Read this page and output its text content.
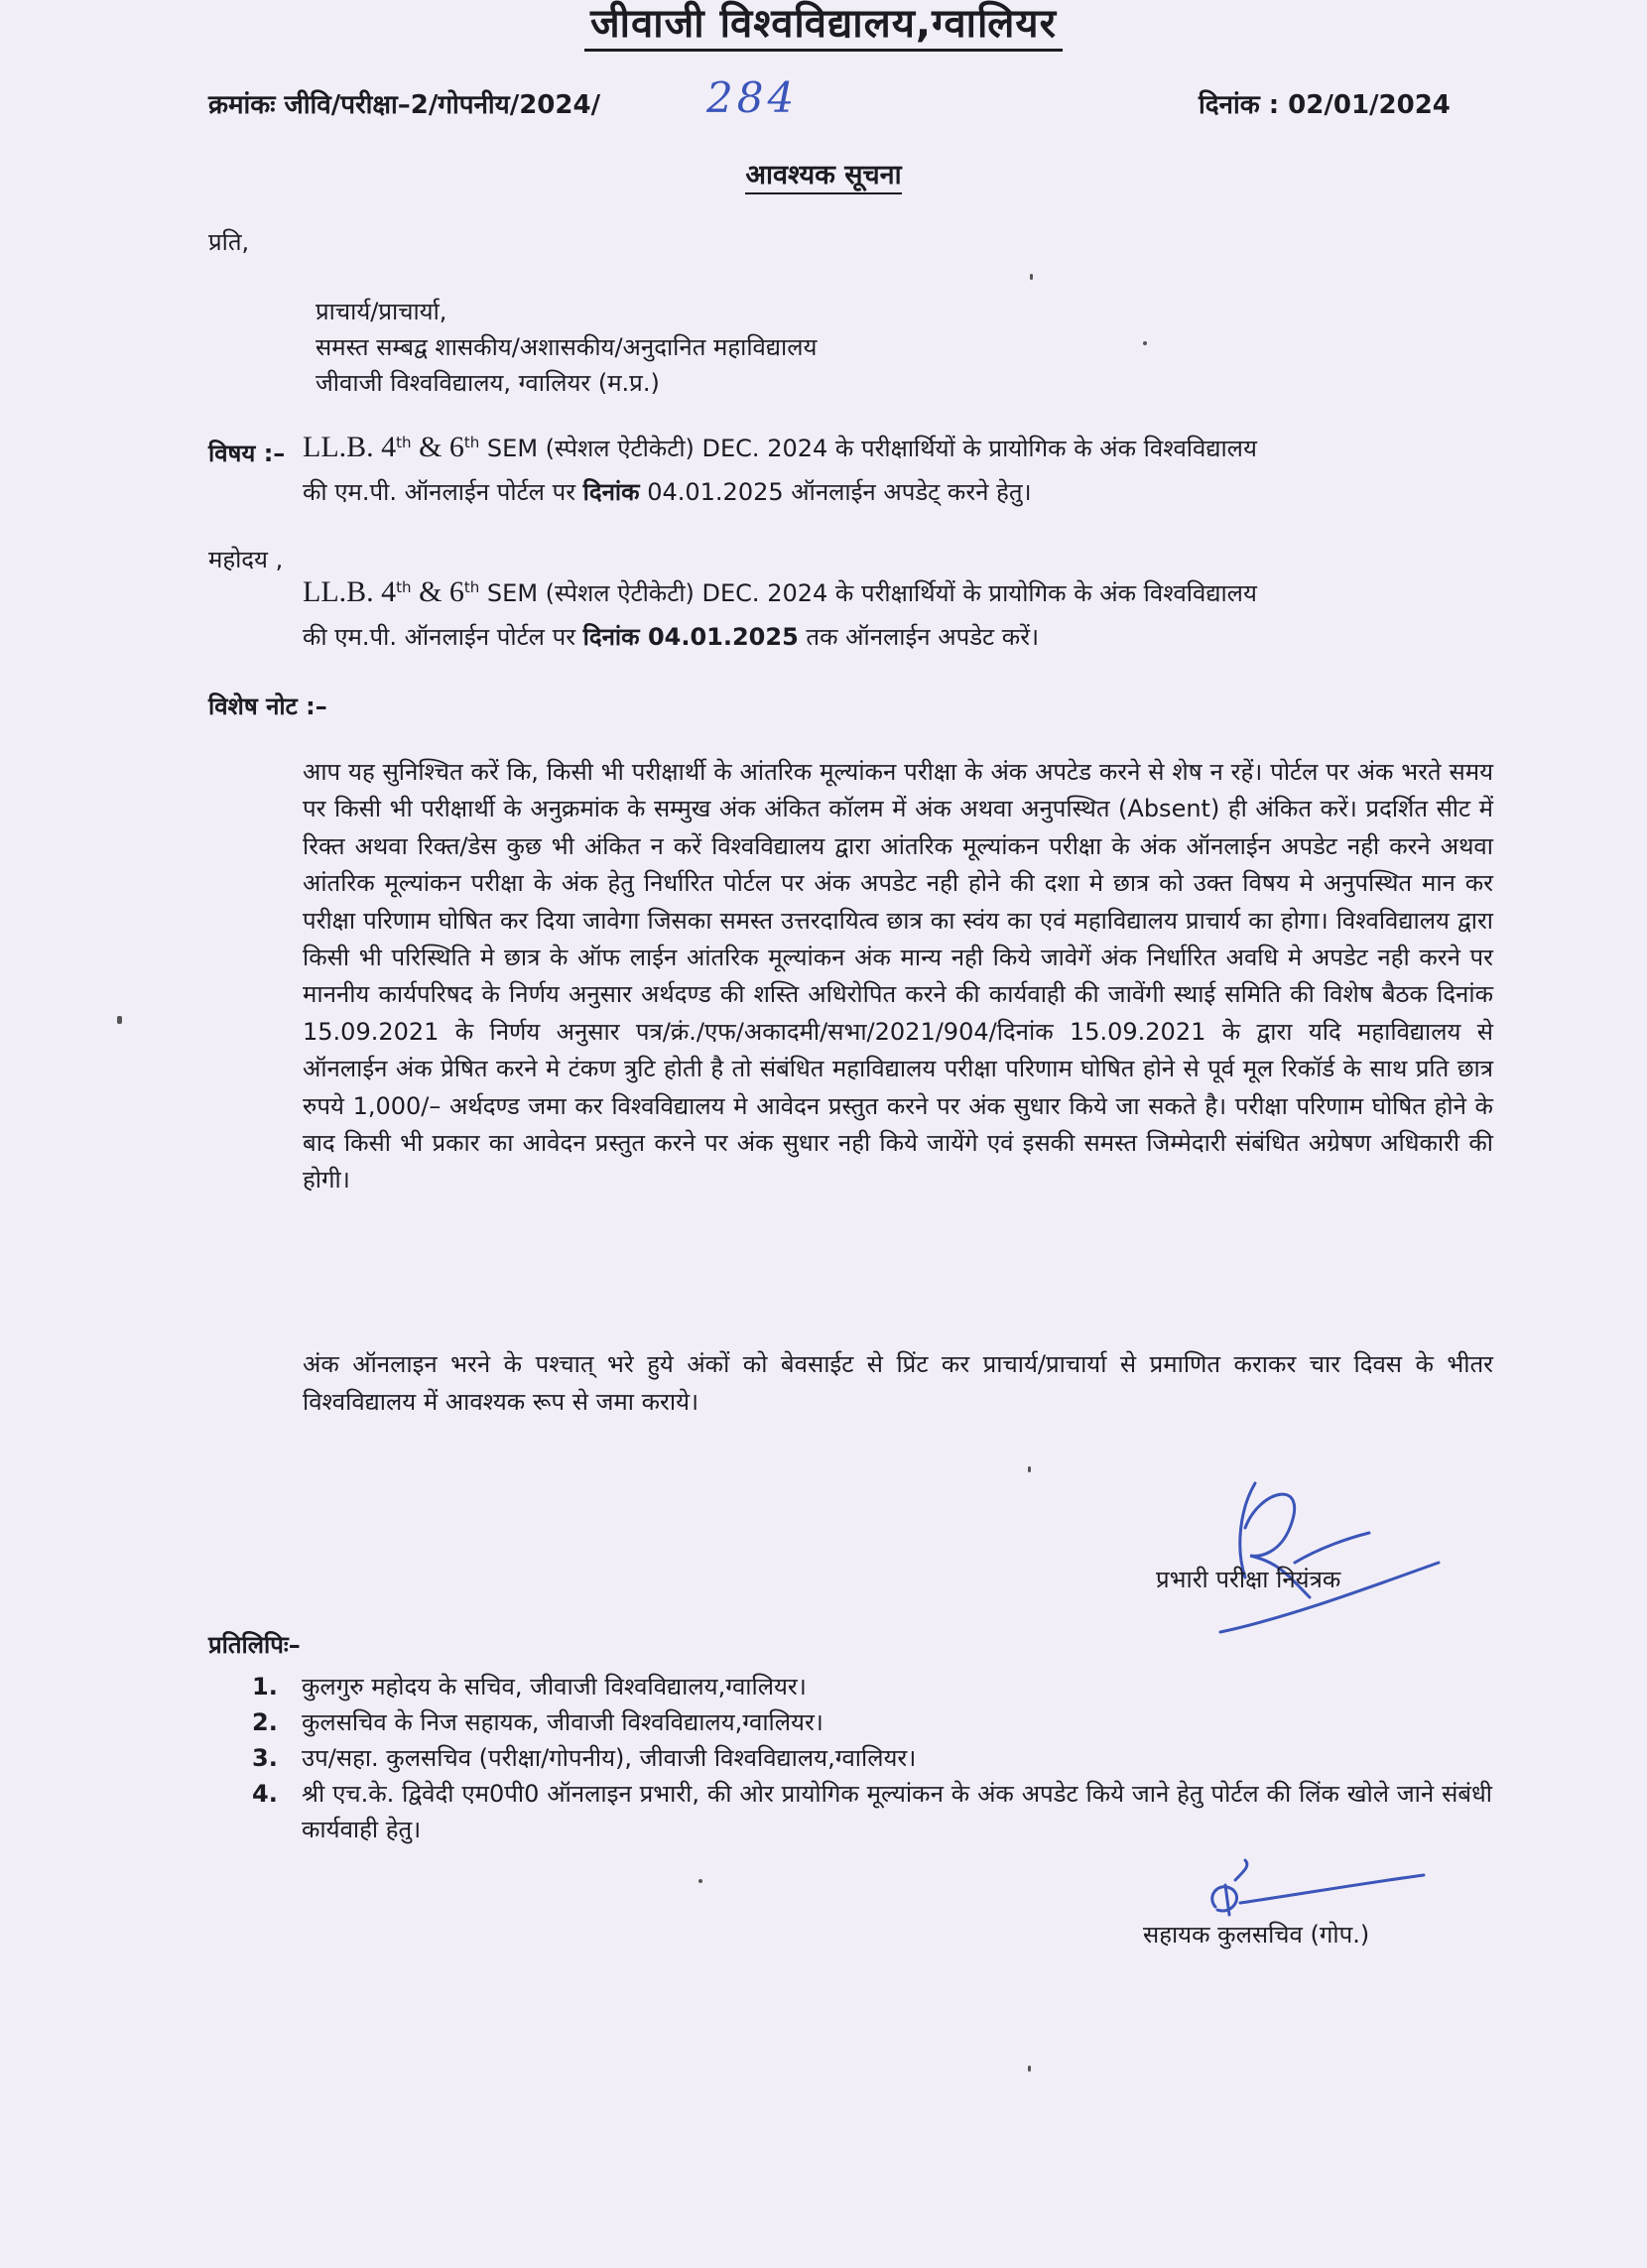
जीवाजी विश्वविद्यालय,ग्वालियर
क्रमांकः जीवि/परीक्षा–2/गोपनीय/2024/	284	दिनांक : 02/01/2024
आवश्यक सूचना
प्रति,
प्राचार्य/प्राचार्या,
समस्त सम्बद्व शासकीय/अशासकीय/अनुदानित महाविद्यालय
जीवाजी विश्वविद्यालय, ग्वालियर (म.प्र.)
विषय :– LL.B. 4th & 6th SEM (स्पेशल ऐटीकेटी) DEC. 2024 के परीक्षार्थियों के प्रायोगिक के अंक विश्वविद्यालय
की एम.पी. ऑनलाईन पोर्टल पर दिनांक 04.01.2025 ऑनलाईन अपडेट् करने हेतु।
महोदय ,
LL.B. 4th & 6th SEM (स्पेशल ऐटीकेटी) DEC. 2024 के परीक्षार्थियों के प्रायोगिक के अंक विश्वविद्यालय
की एम.पी. ऑनलाईन पोर्टल पर दिनांक 04.01.2025 तक ऑनलाईन अपडेट करें।
विशेष नोट :–
आप यह सुनिश्चित करें कि, किसी भी परीक्षार्थी के आंतरिक मूल्यांकन परीक्षा के अंक अपटेड करने से शेष न रहें। पोर्टल पर अंक भरते समय पर किसी भी परीक्षार्थी के अनुक्रमांक के सम्मुख अंक अंकित कॉलम में अंक अथवा अनुपस्थित (Absent) ही अंकित करें। प्रदर्शित सीट में रिक्त अथवा रिक्त/डेस कुछ भी अंकित न करें विश्वविद्यालय द्वारा आंतरिक मूल्यांकन परीक्षा के अंक ऑनलाईन अपडेट नही करने अथवा आंतरिक मूल्यांकन परीक्षा के अंक हेतु निर्धारित पोर्टल पर अंक अपडेट नही होने की दशा मे छात्र को उक्त विषय मे अनुपस्थित मान कर परीक्षा परिणाम घोषित कर दिया जावेगा जिसका समस्त उत्तरदायित्व छात्र का स्वंय का एवं महाविद्यालय प्राचार्य का होगा। विश्वविद्यालय द्वारा किसी भी परिस्थिति मे छात्र के ऑफ लाईन आंतरिक मूल्यांकन अंक मान्य नही किये जावेगें अंक निर्धारित अवधि मे अपडेट नही करने पर माननीय कार्यपरिषद के निर्णय अनुसार अर्थदण्ड की शस्ति अधिरोपित करने की कार्यवाही की जावेंगी स्थाई समिति की विशेष बैठक दिनांक 15.09.2021 के निर्णय अनुसार पत्र/क्रं./एफ/अकादमी/सभा/2021/904/दिनांक 15.09.2021 के द्वारा यदि महाविद्यालय से ऑनलाईन अंक प्रेषित करने मे टंकण त्रुटि होती है तो संबंधित महाविद्यालय परीक्षा परिणाम घोषित होने से पूर्व मूल रिकॉर्ड के साथ प्रति छात्र रुपये 1,000/– अर्थदण्ड जमा कर विश्वविद्यालय मे आवेदन प्रस्तुत करने पर अंक सुधार किये जा सकते है। परीक्षा परिणाम घोषित होने के बाद किसी भी प्रकार का आवेदन प्रस्तुत करने पर अंक सुधार नही किये जायेंगे एवं इसकी समस्त जिम्मेदारी संबंधित अग्रेषण अधिकारी की होगी।
अंक ऑनलाइन भरने के पश्चात् भरे हुये अंकों को बेवसाईट से प्रिंट कर प्राचार्य/प्राचार्या से प्रमाणित कराकर चार दिवस के भीतर विश्वविद्यालय में आवश्यक रूप से जमा कराये।
प्रभारी परीक्षा नियंत्रक
प्रतिलिपिः–
1. कुलगुरु महोदय के सचिव, जीवाजी विश्वविद्यालय,ग्वालियर।
2. कुलसचिव के निज सहायक, जीवाजी विश्वविद्यालय,ग्वालियर।
3. उप/सहा. कुलसचिव (परीक्षा/गोपनीय), जीवाजी विश्वविद्यालय,ग्वालियर।
4. श्री एच.के. द्विवेदी एम0पी0 ऑनलाइन प्रभारी, की ओर प्रायोगिक मूल्यांकन के अंक अपडेट किये जाने हेतु पोर्टल की लिंक खोले जाने संबंधी कार्यवाही हेतु।
सहायक कुलसचिव (गोप.)
